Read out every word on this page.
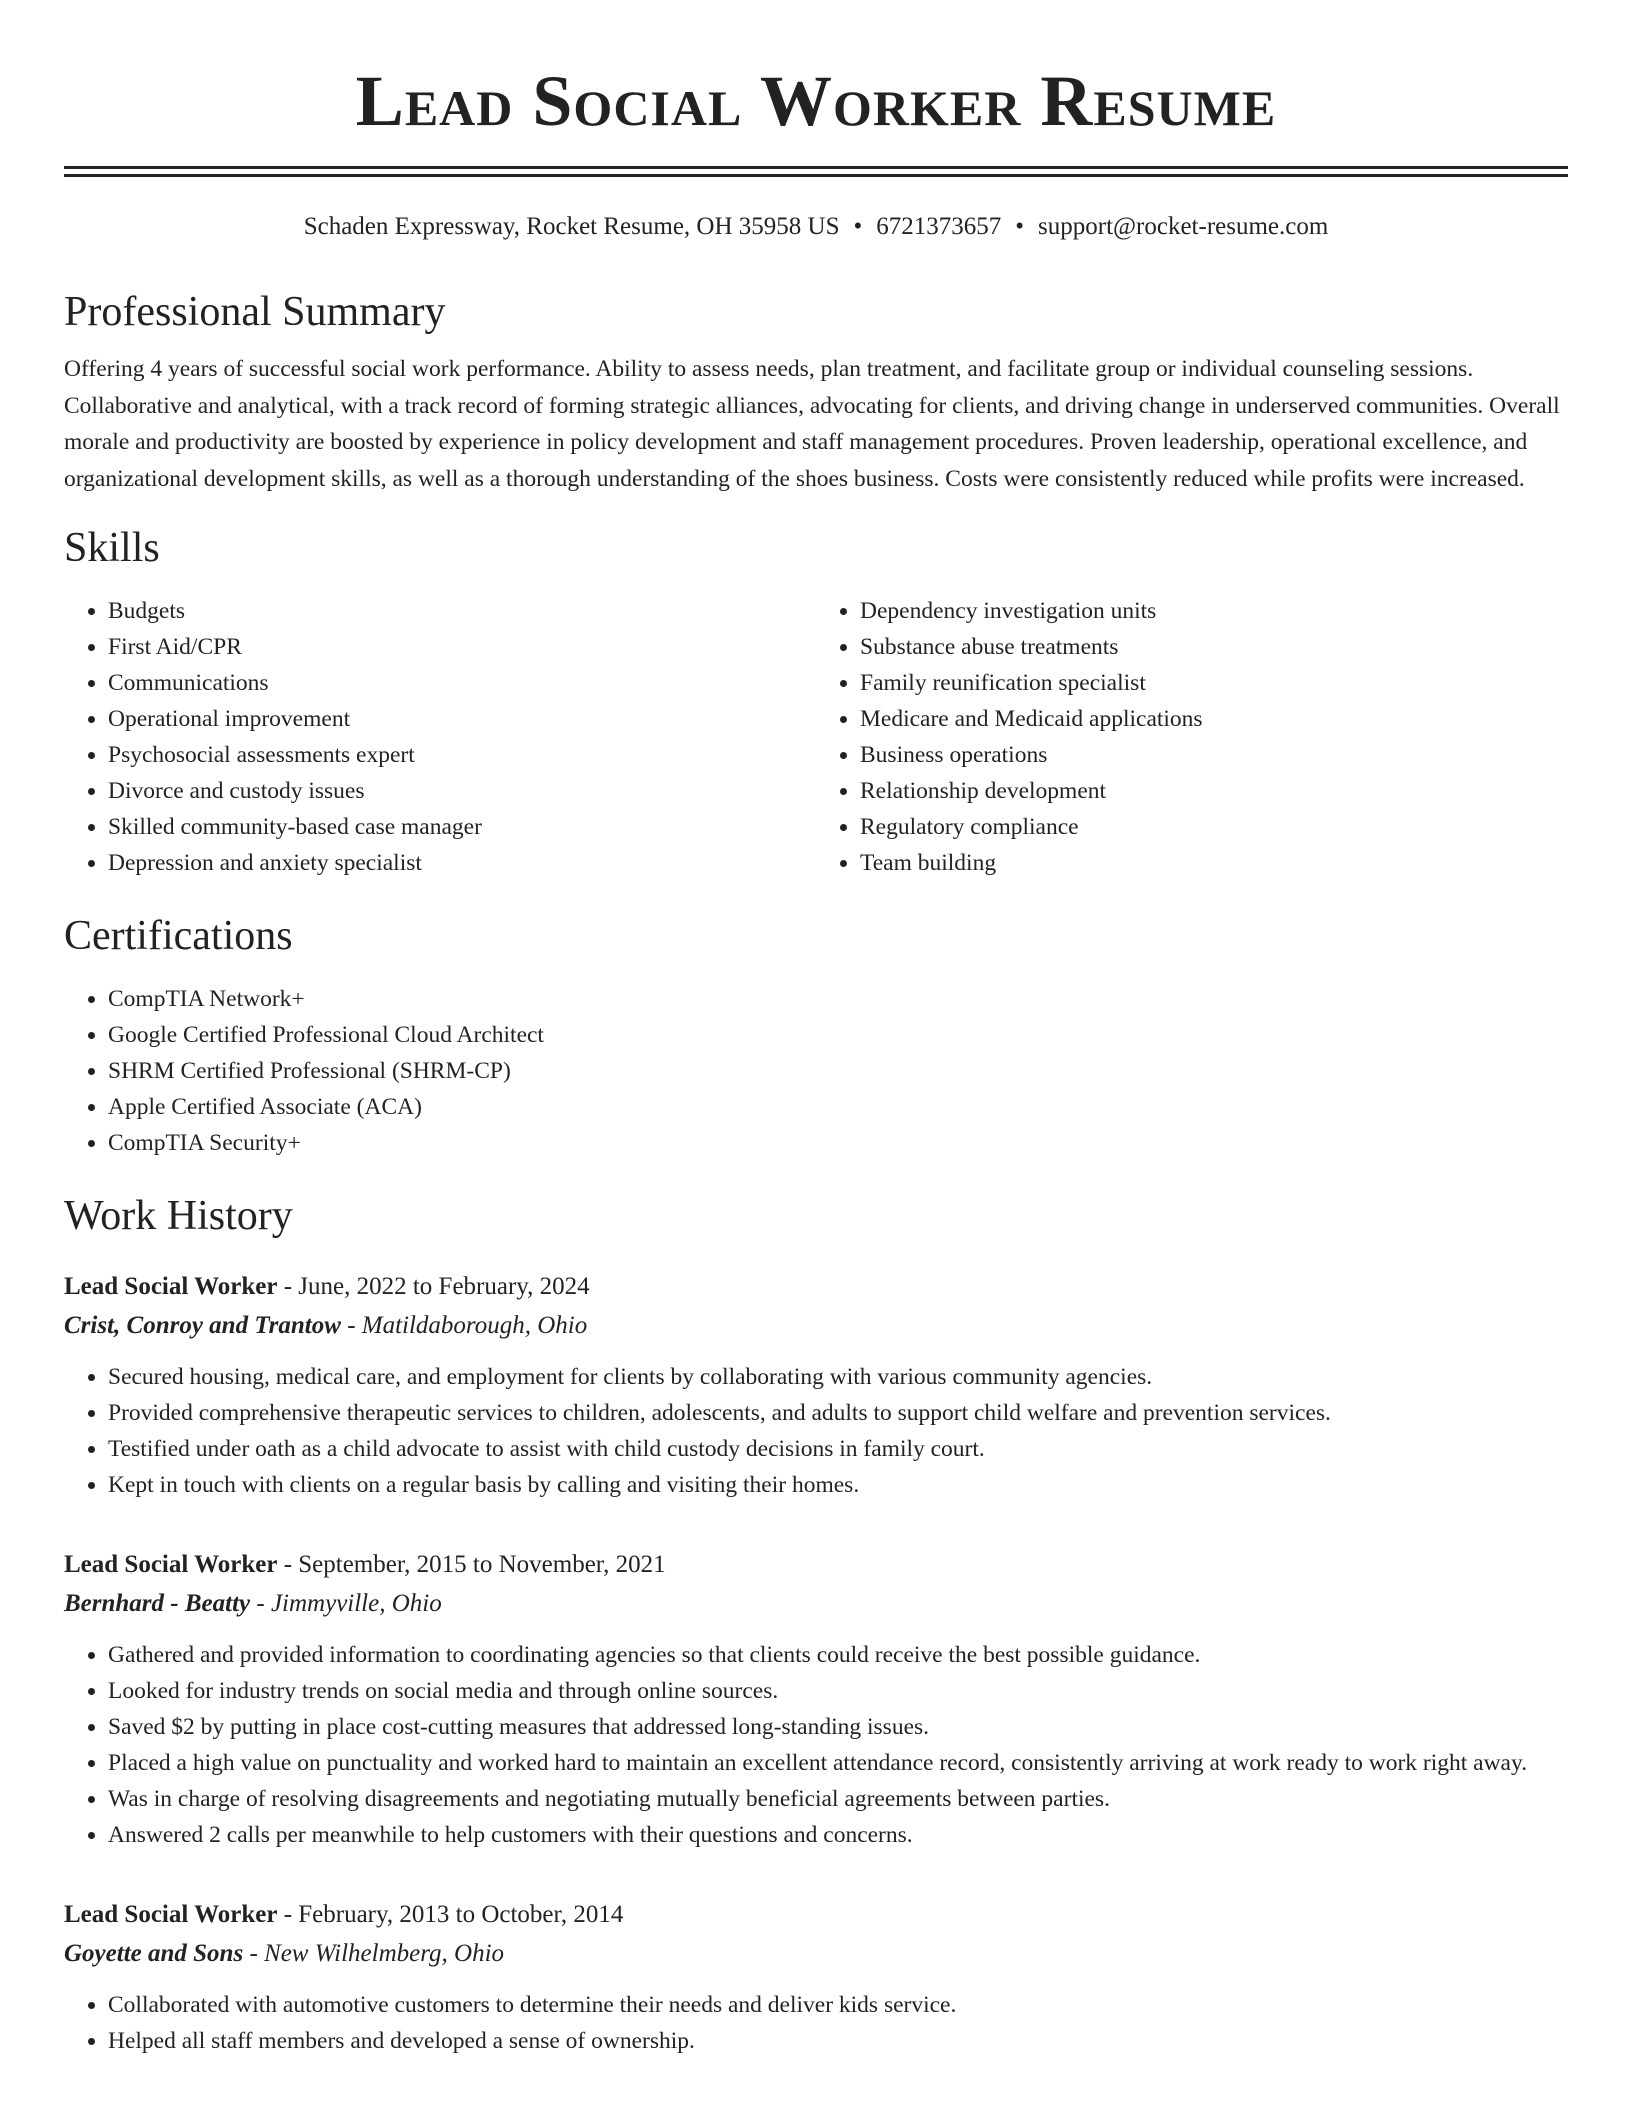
Lead Social Worker Resume
Schaden Expressway, Rocket Resume, OH 35958 US • 6721373657 • support@rocket-resume.com
Professional Summary

Offering 4 years of successful social work performance. Ability to assess needs, plan treatment, and facilitate group or individual counseling sessions. Collaborative and analytical, with a track record of forming strategic alliances, advocating for clients, and driving change in underserved communities. Overall morale and productivity are boosted by experience in policy development and staff management procedures. Proven leadership, operational excellence, and organizational development skills, as well as a thorough understanding of the shoes business. Costs were consistently reduced while profits were increased.

Skills
• Budgets
• First Aid/CPR
• Communications
• Operational improvement
• Psychosocial assessments expert
• Divorce and custody issues
• Skilled community-based case manager
• Depression and anxiety specialist
• Dependency investigation units
• Substance abuse treatments
• Family reunification specialist
• Medicare and Medicaid applications
• Business operations
• Relationship development
• Regulatory compliance
• Team building
Certifications
• CompTIA Network+
• Google Certified Professional Cloud Architect
• SHRM Certified Professional (SHRM-CP)
• Apple Certified Associate (ACA)
• CompTIA Security+
Work History
Lead Social Worker - June, 2022 to February, 2024
Crist, Conroy and Trantow - Matildaborough, Ohio
• Secured housing, medical care, and employment for clients by collaborating with various community agencies.
• Provided comprehensive therapeutic services to children, adolescents, and adults to support child welfare and prevention services.
• Testified under oath as a child advocate to assist with child custody decisions in family court.
• Kept in touch with clients on a regular basis by calling and visiting their homes.
Lead Social Worker - September, 2015 to November, 2021
Bernhard - Beatty - Jimmyville, Ohio
• Gathered and provided information to coordinating agencies so that clients could receive the best possible guidance.
• Looked for industry trends on social media and through online sources.
• Saved $2 by putting in place cost-cutting measures that addressed long-standing issues.
• Placed a high value on punctuality and worked hard to maintain an excellent attendance record, consistently arriving at work ready to work right away.
• Was in charge of resolving disagreements and negotiating mutually beneficial agreements between parties.
• Answered 2 calls per meanwhile to help customers with their questions and concerns.
Lead Social Worker - February, 2013 to October, 2014
Goyette and Sons - New Wilhelmberg, Ohio
• Collaborated with automotive customers to determine their needs and deliver kids service.
• Helped all staff members and developed a sense of ownership.
